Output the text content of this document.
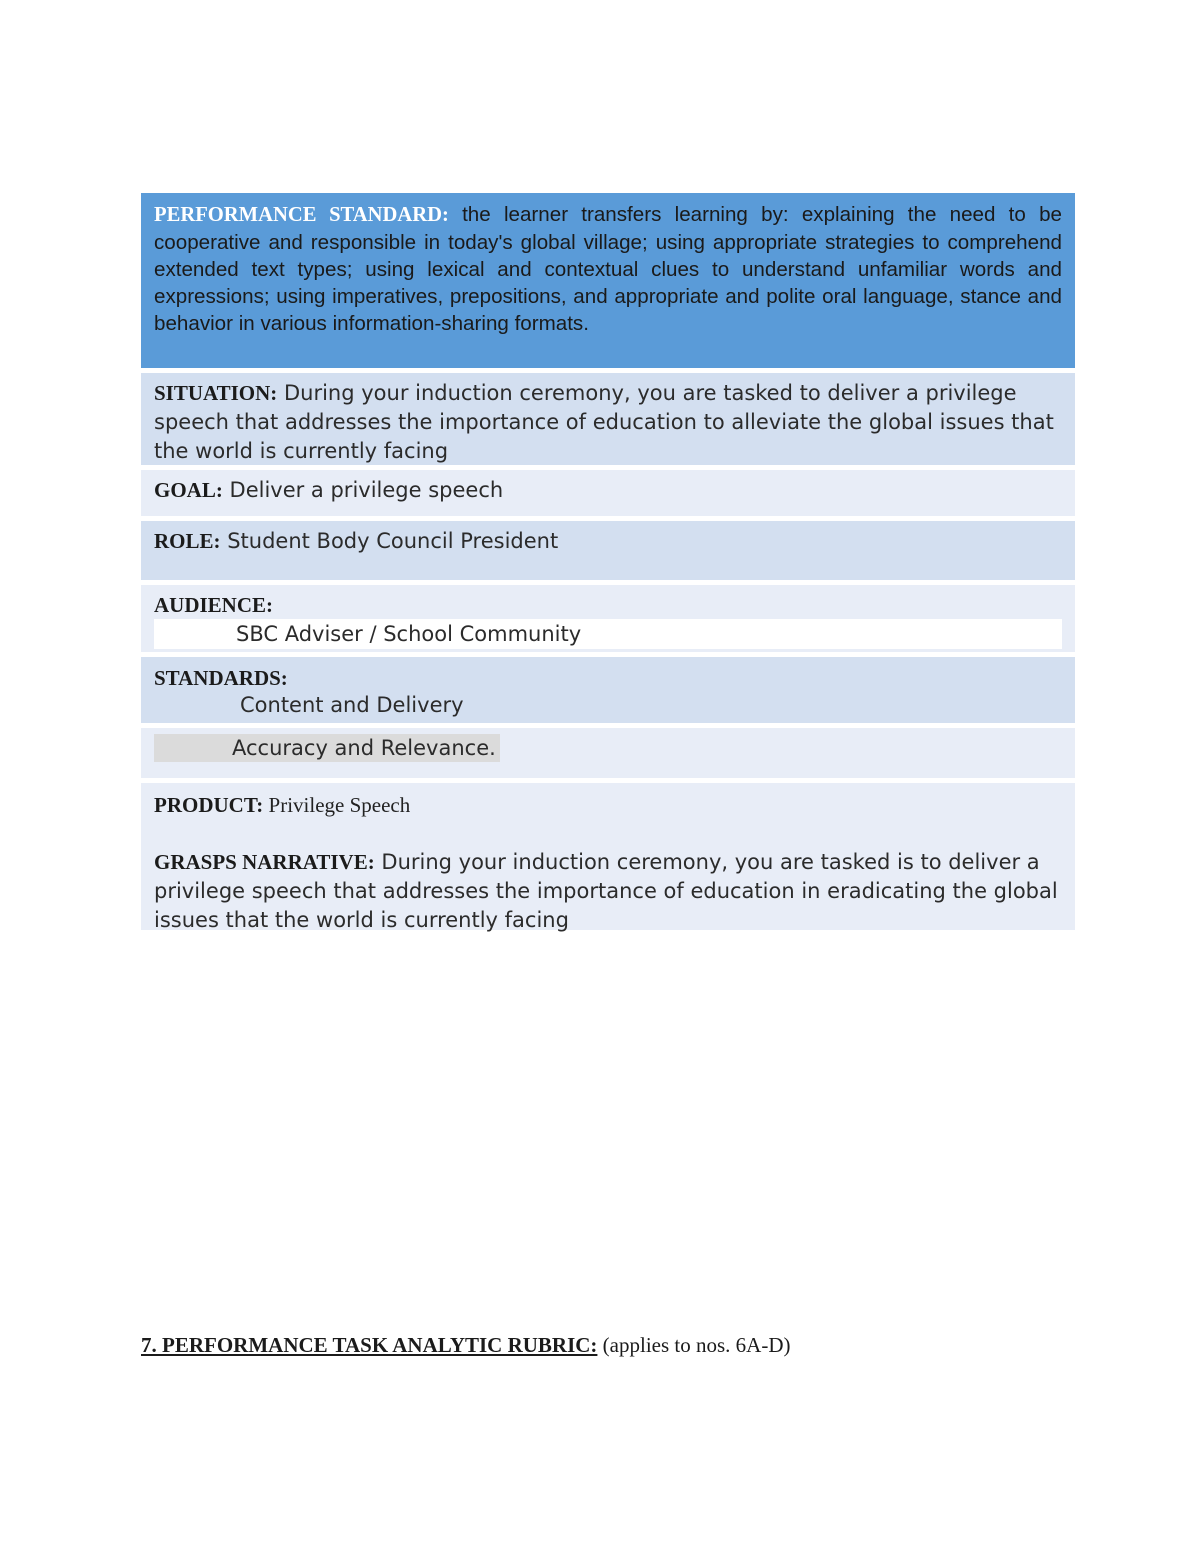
PERFORMANCE STANDARD: the learner transfers learning by: explaining the need to be cooperative and responsible in today's global village; using appropriate strategies to comprehend extended text types; using lexical and contextual clues to understand unfamiliar words and expressions; using imperatives, prepositions, and appropriate and polite oral language, stance and behavior in various information-sharing formats.
SITUATION: During your induction ceremony, you are tasked to deliver a privilege speech that addresses the importance of education to alleviate the global issues that the world is currently facing
GOAL: Deliver a privilege speech
ROLE: Student Body Council President
AUDIENCE:
SBC Adviser / School Community
STANDARDS:
Content and Delivery
Accuracy and Relevance.
PRODUCT: Privilege Speech
GRASPS NARRATIVE: During your induction ceremony, you are tasked is to deliver a privilege speech that addresses the importance of education in eradicating the global issues that the world is currently facing
7. PERFORMANCE TASK ANALYTIC RUBRIC: (applies to nos. 6A-D)
